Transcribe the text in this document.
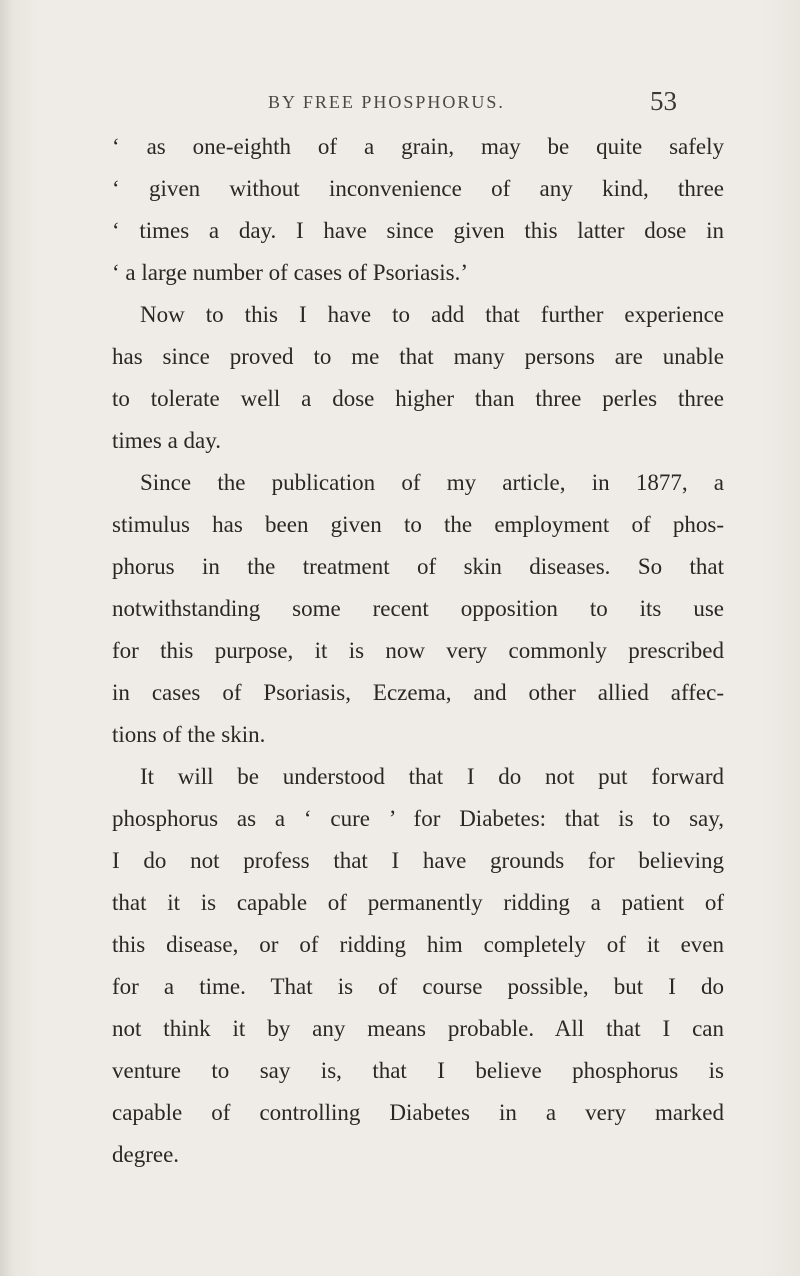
BY FREE PHOSPHORUS.	53
‘ as one-eighth of a grain, may be quite safely
‘ given without inconvenience of any kind, three
‘ times a day. I have since given this latter dose in
‘ a large number of cases of Psoriasis.’
Now to this I have to add that further experience
has since proved to me that many persons are unable
to tolerate well a dose higher than three perles three
times a day.
Since the publication of my article, in 1877, a
stimulus has been given to the employment of phos-
phorus in the treatment of skin diseases. So that
notwithstanding some recent opposition to its use
for this purpose, it is now very commonly prescribed
in cases of Psoriasis, Eczema, and other allied affec-
tions of the skin.
It will be understood that I do not put forward
phosphorus as a ‘ cure ’ for Diabetes: that is to say,
I do not profess that I have grounds for believing
that it is capable of permanently ridding a patient of
this disease, or of ridding him completely of it even
for a time. That is of course possible, but I do
not think it by any means probable. All that I can
venture to say is, that I believe phosphorus is
capable of controlling Diabetes in a very marked
degree.
